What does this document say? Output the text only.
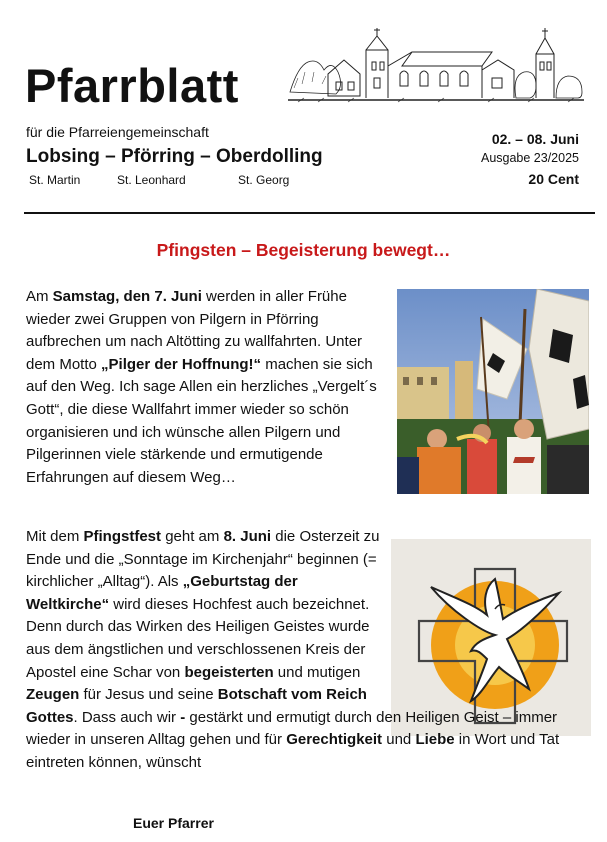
Pfarrblatt
für die Pfarreiengemeinschaft
Lobsing – Pförring – Oberdolling
St. Martin	St. Leonhard	St. Georg
02. – 08. Juni
Ausgabe 23/2025
20 Cent
Pfingsten – Begeisterung bewegt…

Am Samstag, den 7. Juni werden in aller Frühe wieder zwei Gruppen von Pilgern in Pförring aufbrechen um nach Altötting zu wallfahrten. Unter dem Motto „Pilger der Hoffnung!“ machen sie sich auf den Weg. Ich sage Allen ein herzliches „Vergelt´s Gott“, die diese Wallfahrt immer wieder so schön organisieren und ich wünsche allen Pilgern und Pilgerinnen viele stärkende und ermutigende Erfahrungen auf diesem Weg…

Mit dem Pfingstfest geht am 8. Juni die Osterzeit zu Ende und die „Sonntage im Kirchenjahr“ beginnen (= kirchlicher „Alltag“). Als „Geburtstag der Weltkirche“ wird dieses Hochfest auch bezeichnet. Denn durch das Wirken des Heiligen Geistes wurde aus dem ängstlichen und verschlossenen Kreis der Apostel eine Schar von begeisterten und mutigen Zeugen für Jesus und seine Botschaft vom Reich Gottes. Dass auch wir - gestärkt und ermutigt durch den Heiligen Geist – immer wieder in unseren Alltag gehen und für Gerechtigkeit und Liebe in Wort und Tat eintreten können, wünscht
Euer Pfarrer
